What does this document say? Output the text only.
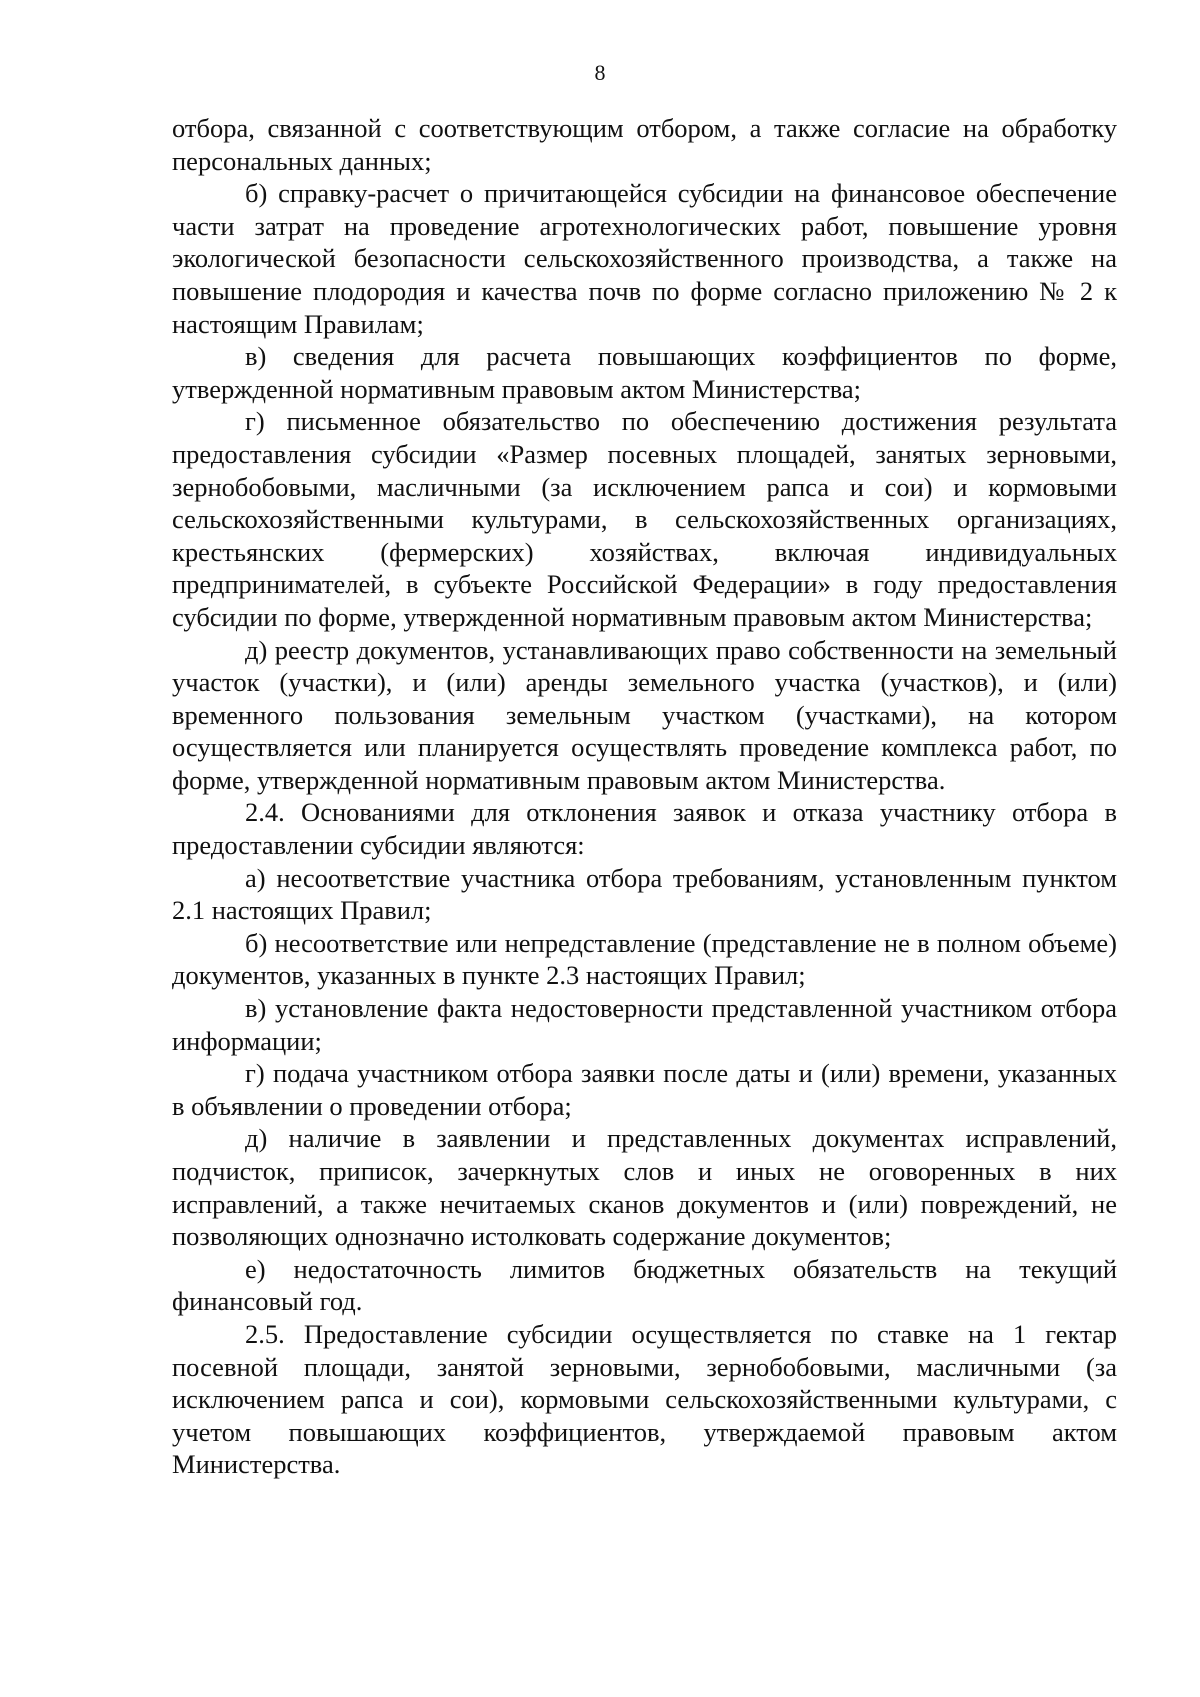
8

отбора, связанной с соответствующим отбором, а также согласие на обработку персональных данных;

б) справку-расчет о причитающейся субсидии на финансовое обеспечение части затрат на проведение агротехнологических работ, повышение уровня экологической безопасности сельскохозяйственного производства, а также на повышение плодородия и качества почв по форме согласно приложению № 2 к настоящим Правилам;

в) сведения для расчета повышающих коэффициентов по форме, утвержденной нормативным правовым актом Министерства;

г) письменное обязательство по обеспечению достижения результата предоставления субсидии «Размер посевных площадей, занятых зерновыми, зернобобовыми, масличными (за исключением рапса и сои) и кормовыми сельскохозяйственными культурами, в сельскохозяйственных организациях, крестьянских (фермерских) хозяйствах, включая индивидуальных предпринимателей, в субъекте Российской Федерации» в году предоставления субсидии по форме, утвержденной нормативным правовым актом Министерства;

д) реестр документов, устанавливающих право собственности на земельный участок (участки), и (или) аренды земельного участка (участков), и (или) временного пользования земельным участком (участками), на котором осуществляется или планируется осуществлять проведение комплекса работ, по форме, утвержденной нормативным правовым актом Министерства.

2.4. Основаниями для отклонения заявок и отказа участнику отбора в предоставлении субсидии являются:

а) несоответствие участника отбора требованиям, установленным пунктом 2.1 настоящих Правил;

б) несоответствие или непредставление (представление не в полном объеме) документов, указанных в пункте 2.3 настоящих Правил;

в) установление факта недостоверности представленной участником отбора информации;

г) подача участником отбора заявки после даты и (или) времени, указанных в объявлении о проведении отбора;

д) наличие в заявлении и представленных документах исправлений, подчисток, приписок, зачеркнутых слов и иных не оговоренных в них исправлений, а также нечитаемых сканов документов и (или) повреждений, не позволяющих однозначно истолковать содержание документов;

е) недостаточность лимитов бюджетных обязательств на текущий финансовый год.

2.5. Предоставление субсидии осуществляется по ставке на 1 гектар посевной площади, занятой зерновыми, зернобобовыми, масличными (за исключением рапса и сои), кормовыми сельскохозяйственными культурами, с учетом повышающих коэффициентов, утверждаемой правовым актом Министерства.
